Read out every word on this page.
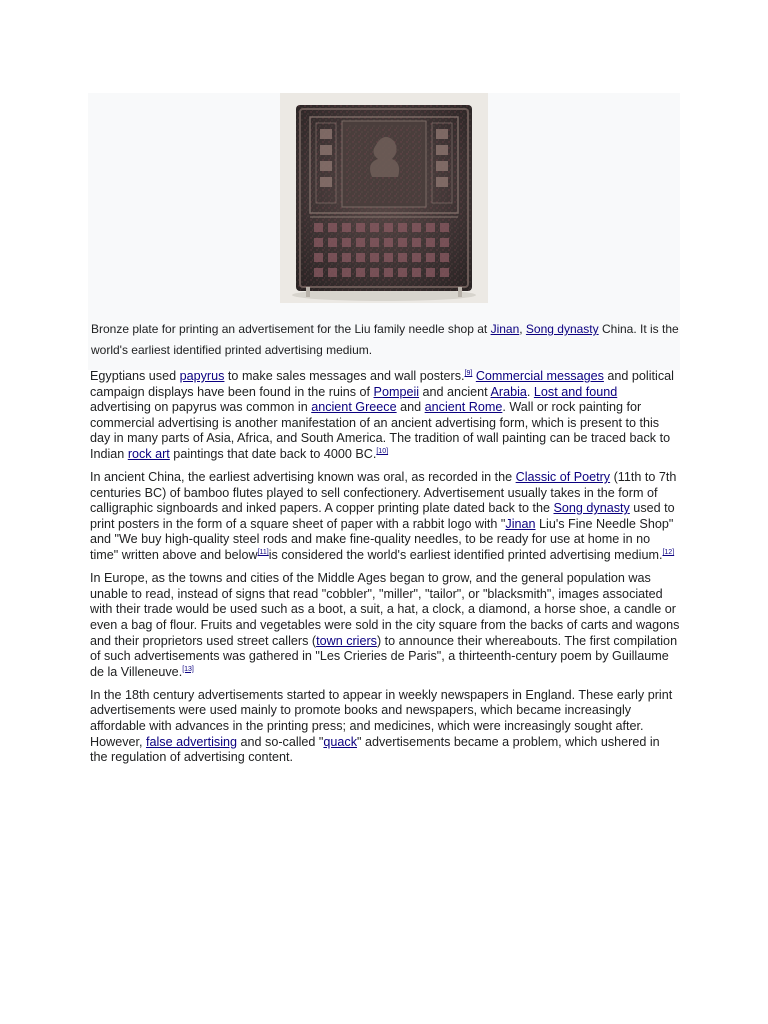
Bronze plate for printing an advertisement for the Liu family needle shop at Jinan, Song dynasty China. It is the world's earliest identified printed advertising medium.

Egyptians used papyrus to make sales messages and wall posters.[9] Commercial messages and political campaign displays have been found in the ruins of Pompeii and ancient Arabia. Lost and found advertising on papyrus was common in ancient Greece and ancient Rome. Wall or rock painting for commercial advertising is another manifestation of an ancient advertising form, which is present to this day in many parts of Asia, Africa, and South America. The tradition of wall painting can be traced back to Indian rock art paintings that date back to 4000 BC.[10]

In ancient China, the earliest advertising known was oral, as recorded in the Classic of Poetry (11th to 7th centuries BC) of bamboo flutes played to sell confectionery. Advertisement usually takes in the form of calligraphic signboards and inked papers. A copper printing plate dated back to the Song dynasty used to print posters in the form of a square sheet of paper with a rabbit logo with "Jinan Liu's Fine Needle Shop" and "We buy high-quality steel rods and make fine-quality needles, to be ready for use at home in no time" written above and below[11]is considered the world's earliest identified printed advertising medium.[12]

In Europe, as the towns and cities of the Middle Ages began to grow, and the general population was unable to read, instead of signs that read "cobbler", "miller", "tailor", or "blacksmith", images associated with their trade would be used such as a boot, a suit, a hat, a clock, a diamond, a horse shoe, a candle or even a bag of flour. Fruits and vegetables were sold in the city square from the backs of carts and wagons and their proprietors used street callers (town criers) to announce their whereabouts. The first compilation of such advertisements was gathered in "Les Crieries de Paris", a thirteenth-century poem by Guillaume de la Villeneuve.[13]

In the 18th century advertisements started to appear in weekly newspapers in England. These early print advertisements were used mainly to promote books and newspapers, which became increasingly affordable with advances in the printing press; and medicines, which were increasingly sought after. However, false advertising and so-called "quack" advertisements became a problem, which ushered in the regulation of advertising content.
